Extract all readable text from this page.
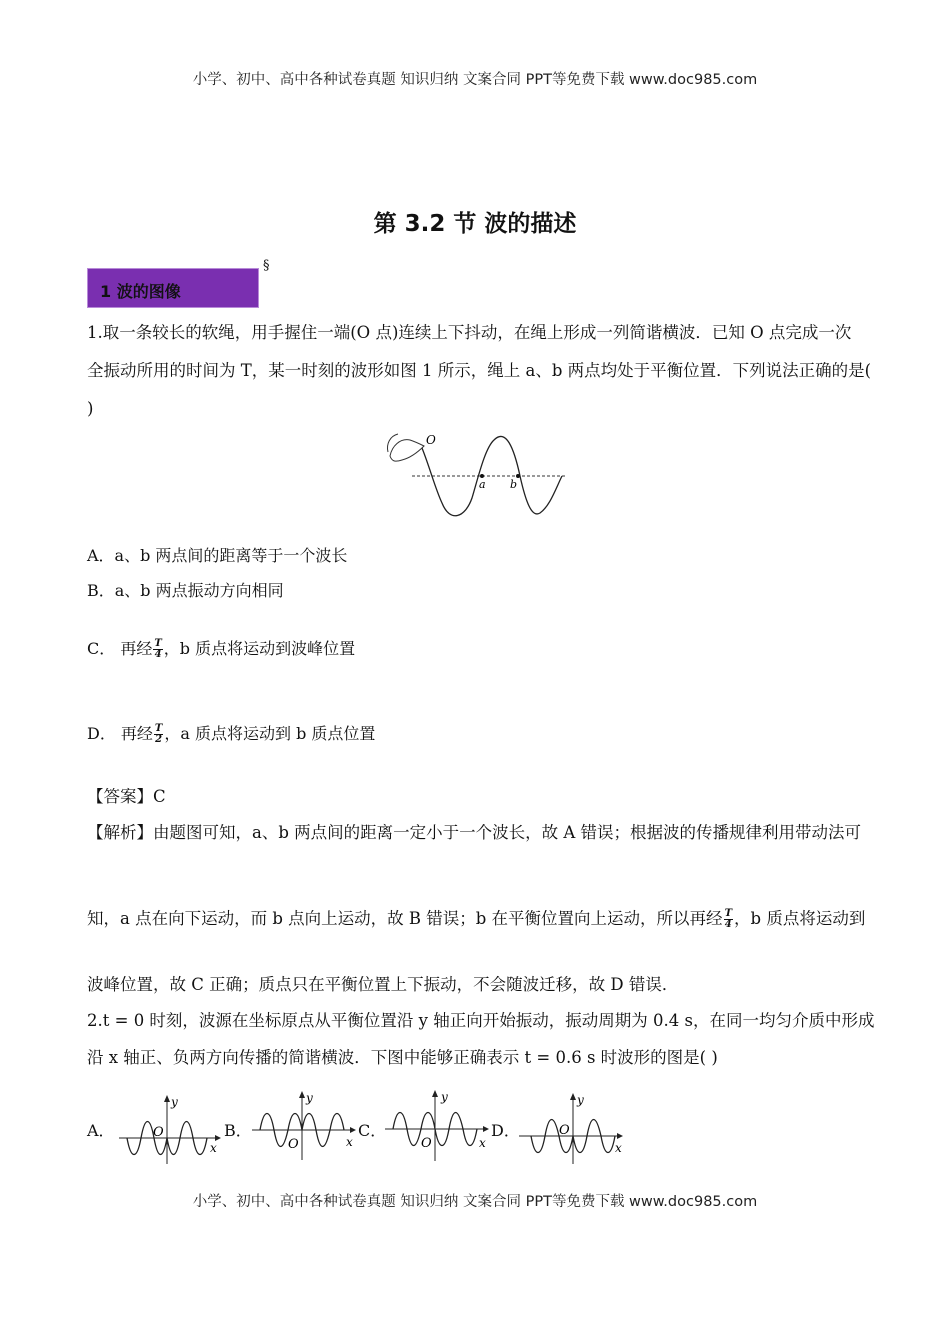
小学、初中、高中各种试卷真题 知识归纳 文案合同 PPT等免费下载 www.doc985.com
第 3.2 节 波的描述
1 波的图像
§
1.取一条较长的软绳，用手握住一端(O 点)连续上下抖动，在绳上形成一列简谐横波．已知 O 点完成一次
全振动所用的时间为 T，某一时刻的波形如图 1 所示，绳上 a、b 两点均处于平衡位置．下列说法正确的是(
)
O
a b
A．a、b 两点间的距离等于一个波长
B．a、b 两点振动方向相同
C． 再经 $\frac{T}{4}$ ，b 质点将运动到波峰位置
D． 再经 $\frac{T}{2}$ ，a 质点将运动到 b 质点位置
【答案】C
【解析】由题图可知，a、b 两点间的距离一定小于一个波长，故 A 错误；根据波的传播规律利用带动法可
知，a 点在向下运动，而 b 点向上运动，故 B 错误；b 在平衡位置向上运动，所以再经 $\frac{T}{4}$ ，b 质点将运动到
波峰位置，故 C 正确；质点只在平衡位置上下振动，不会随波迁移，故 D 错误．
2.t = 0 时刻，波源在坐标原点从平衡位置沿 y 轴正向开始振动，振动周期为 0.4 s，在同一均匀介质中形成
沿 x 轴正、负两方向传播的简谐横波．下图中能够正确表示 t = 0.6 s 时波形的图是( )
A．
y
O
x
B．
y
O	x
C．
y
O	x
D．
y
O
x
小学、初中、高中各种试卷真题 知识归纳 文案合同 PPT等免费下载 www.doc985.com
